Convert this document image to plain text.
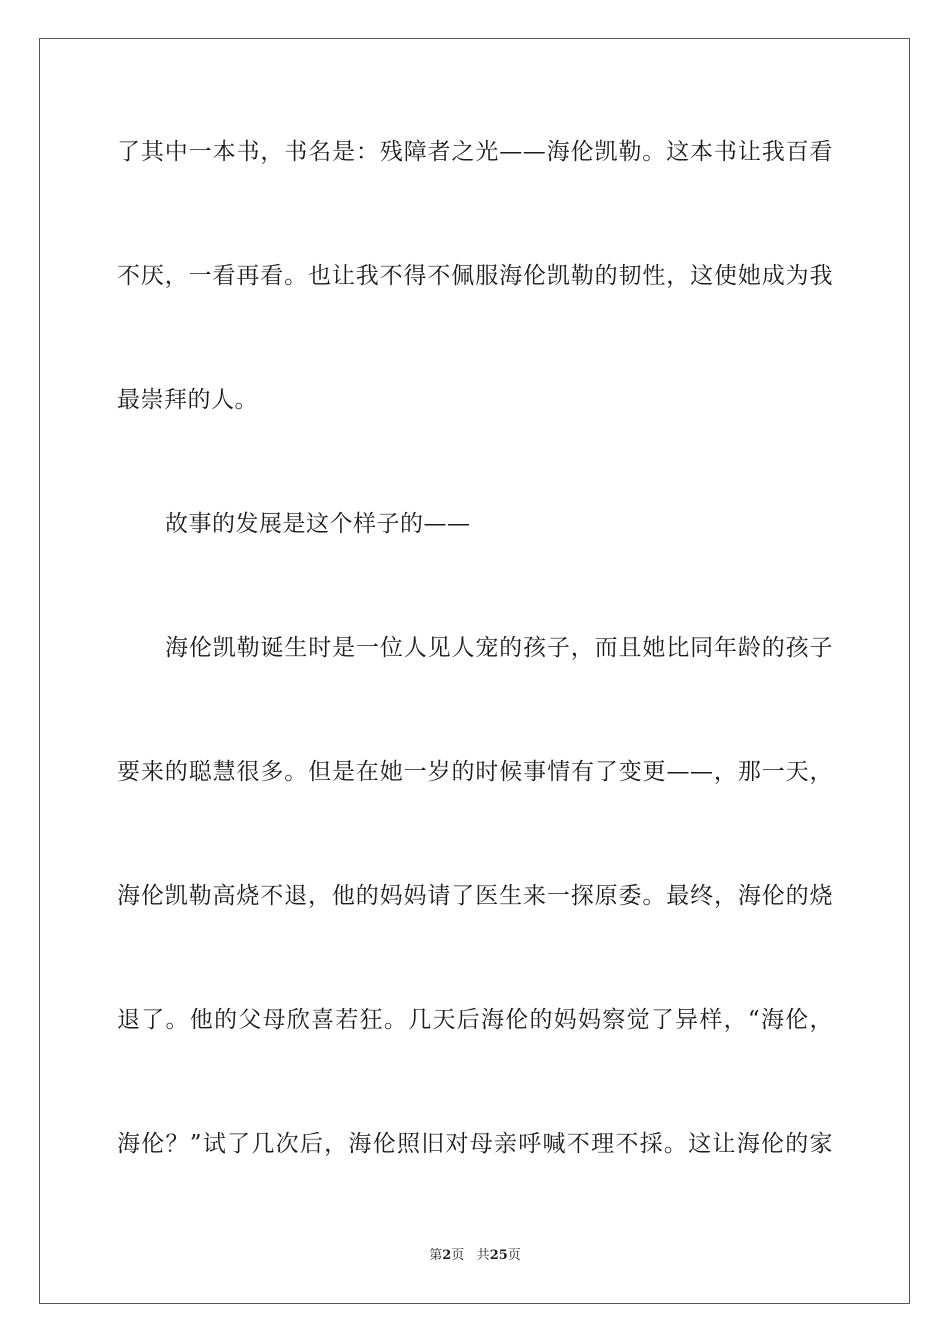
了其中一本书，书名是：残障者之光——海伦凯勒。这本书让我百看
不厌，一看再看。也让我不得不佩服海伦凯勒的韧性，这使她成为我
最崇拜的人。
故事的发展是这个样子的——
海伦凯勒诞生时是一位人见人宠的孩子，而且她比同年龄的孩子
要来的聪慧很多。但是在她一岁的时候事情有了变更——，那一天，
海伦凯勒高烧不退，他的妈妈请了医生来一探原委。最终，海伦的烧
退了。他的父母欣喜若狂。几天后海伦的妈妈察觉了异样，“海伦，
海伦？”试了几次后，海伦照旧对母亲呼喊不理不採。这让海伦的家
第2页 共25页
